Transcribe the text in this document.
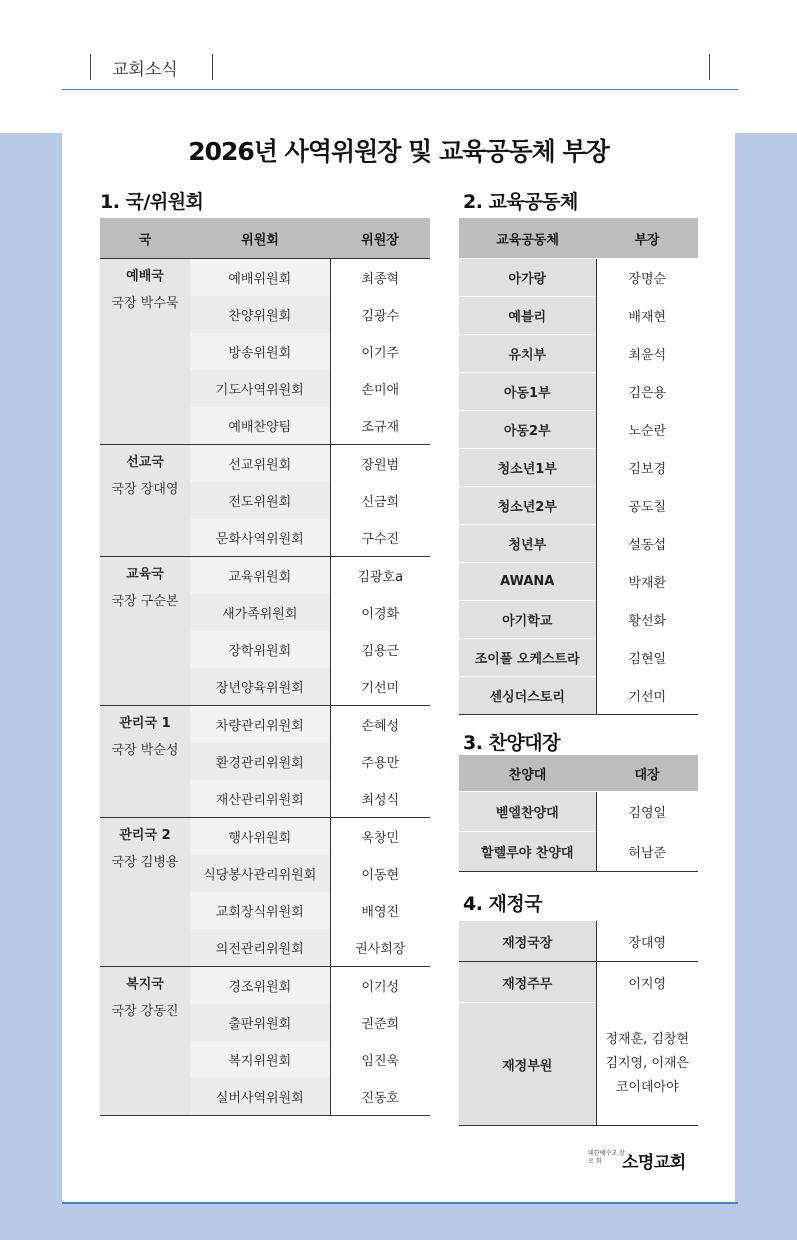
교회소식
2026년 사역위원장 및 교육공동체 부장
1. 국/위원회
국	위원회	위원장

예배국
국장 박수묵	예배위원회	최종혁
	찬양위원회	김광수
	방송위원회	이기주
	기도사역위원회	손미애
	예배찬양팀	조규재

선교국
국장 장대영	선교위원회	장원범
	전도위원회	신금희
	문화사역위원회	구수진

교육국
국장 구순본	교육위원회	김광호a
	새가족위원회	이경화
	장학위원회	김용근
	장년양육위원회	기선미

관리국 1
국장 박순성	차량관리위원회	손혜성
	환경관리위원회	주용만
	재산관리위원회	최성식

관리국 2
국장 김병용	행사위원회	옥창민
	식당봉사관리위원회	이동현
	교회장식위원회	배영진
	의전관리위원회	권사회장

복지국
국장 강동진	경조위원회	이기성
	출판위원회	권준희
	복지위원회	임진욱
	실버사역위원회	진동호
2. 교육공동체
교육공동체	부장
아가랑	장명순
예블리	배재현
유치부	최윤석
아동1부	김은용
아동2부	노순란
청소년1부	김보경
청소년2부	공도칠
청년부	설동섭
AWANA	박재환
아기학교	황선화
조이풀 오케스트라	김현일
센싱더스토리	기선미
3. 찬양대장
찬양대	대장
벧엘찬양대	김영일
할렐루야 찬양대	허남준
4. 재정국
재정국장	장대영
재정주무	이지영
재정부원	정재훈, 김창현
김지영, 이재은
코이데아야
대한예수교 장 로 회	소명교회
